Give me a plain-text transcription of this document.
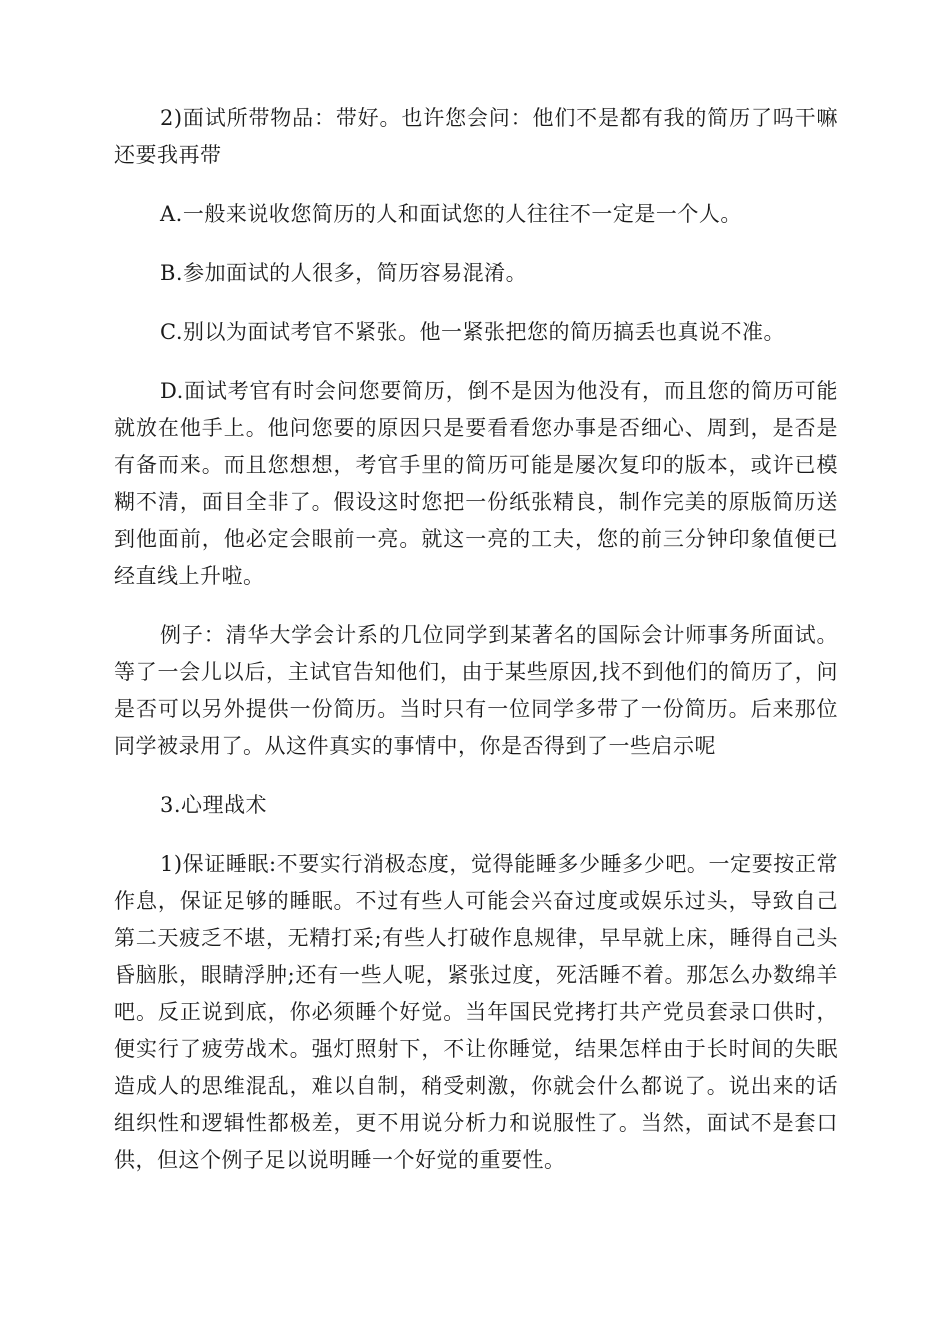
2)面试所带物品：带好。也许您会问：他们不是都有我的简历了吗干嘛还要我再带

A.一般来说收您简历的人和面试您的人往往不一定是一个人。

B.参加面试的人很多，简历容易混淆。

C.别以为面试考官不紧张。他一紧张把您的简历搞丢也真说不准。

D.面试考官有时会问您要简历，倒不是因为他没有，而且您的简历可能就放在他手上。他问您要的原因只是要看看您办事是否细心、周到，是否是有备而来。而且您想想，考官手里的简历可能是屡次复印的版本，或许已模糊不清，面目全非了。假设这时您把一份纸张精良，制作完美的原版简历送到他面前，他必定会眼前一亮。就这一亮的工夫，您的前三分钟印象值便已经直线上升啦。

例子：清华大学会计系的几位同学到某著名的国际会计师事务所面试。等了一会儿以后，主试官告知他们，由于某些原因,找不到他们的简历了，问是否可以另外提供一份简历。当时只有一位同学多带了一份简历。后来那位同学被录用了。从这件真实的事情中，你是否得到了一些启示呢

3.心理战术

1)保证睡眠:不要实行消极态度，觉得能睡多少睡多少吧。一定要按正常作息，保证足够的睡眠。不过有些人可能会兴奋过度或娱乐过头，导致自己第二天疲乏不堪，无精打采;有些人打破作息规律，早早就上床，睡得自己头昏脑胀，眼睛浮肿;还有一些人呢，紧张过度，死活睡不着。那怎么办数绵羊吧。反正说到底，你必须睡个好觉。当年国民党拷打共产党员套录口供时，便实行了疲劳战术。强灯照射下，不让你睡觉，结果怎样由于长时间的失眠造成人的思维混乱，难以自制，稍受刺激，你就会什么都说了。说出来的话组织性和逻辑性都极差，更不用说分析力和说服性了。当然，面试不是套口供，但这个例子足以说明睡一个好觉的重要性。
